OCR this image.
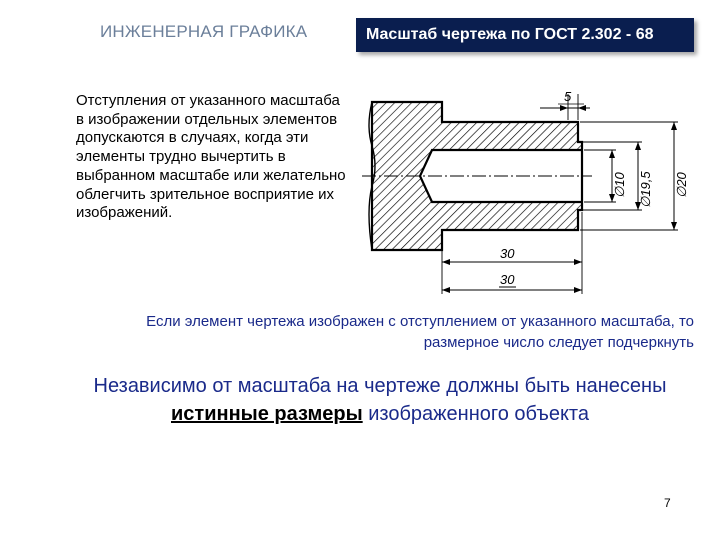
ИНЖЕНЕРНАЯ ГРАФИКА	Масштаб чертежа по ГОСТ 2.302 - 68
Отступления от указанного масштаба в изображении отдельных элементов допускаются в случаях, когда эти элементы трудно вычертить в выбранном масштабе или желательно облегчить зрительное восприятие их изображений.
5
∅10 ∅19,5 ∅20
30
30
Если элемент чертежа изображен с отступлением от указанного масштаба, то размерное число следует подчеркнуть
Независимо от масштаба на чертеже должны быть нанесены истинные размеры изображенного объекта
7
